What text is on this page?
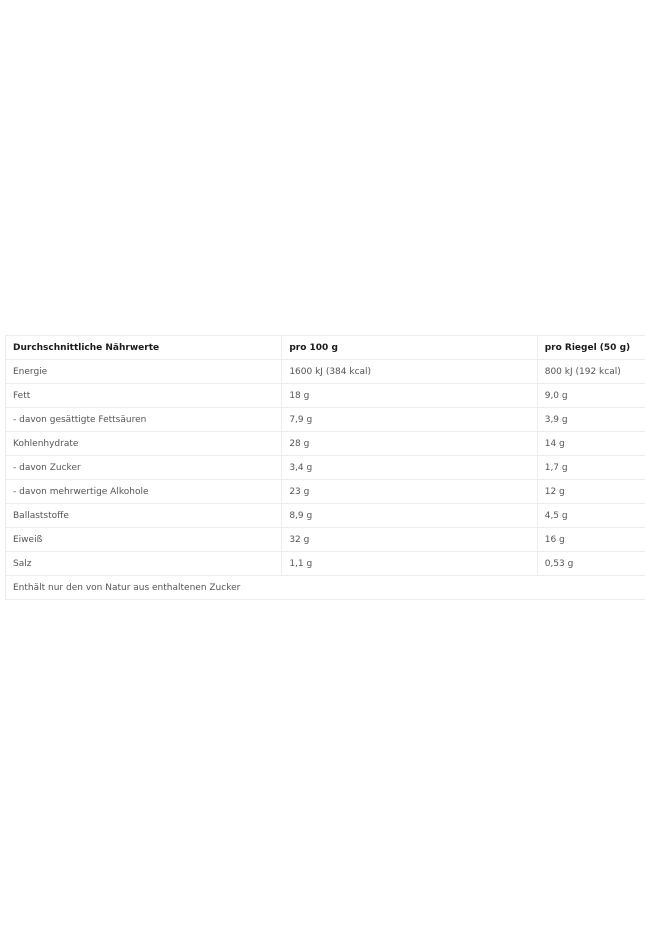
Durchschnittliche Nährwerte	pro 100 g	pro Riegel (50 g)
Energie	1600 kJ (384 kcal)	800 kJ (192 kcal)
Fett	18 g	9,0 g
- davon gesättigte Fettsäuren	7,9 g	3,9 g
Kohlenhydrate	28 g	14 g
- davon Zucker	3,4 g	1,7 g
- davon mehrwertige Alkohole	23 g	12 g
Ballaststoffe	8,9 g	4,5 g
Eiweiß	32 g	16 g
Salz	1,1 g	0,53 g
Enthält nur den von Natur aus enthaltenen Zucker		
